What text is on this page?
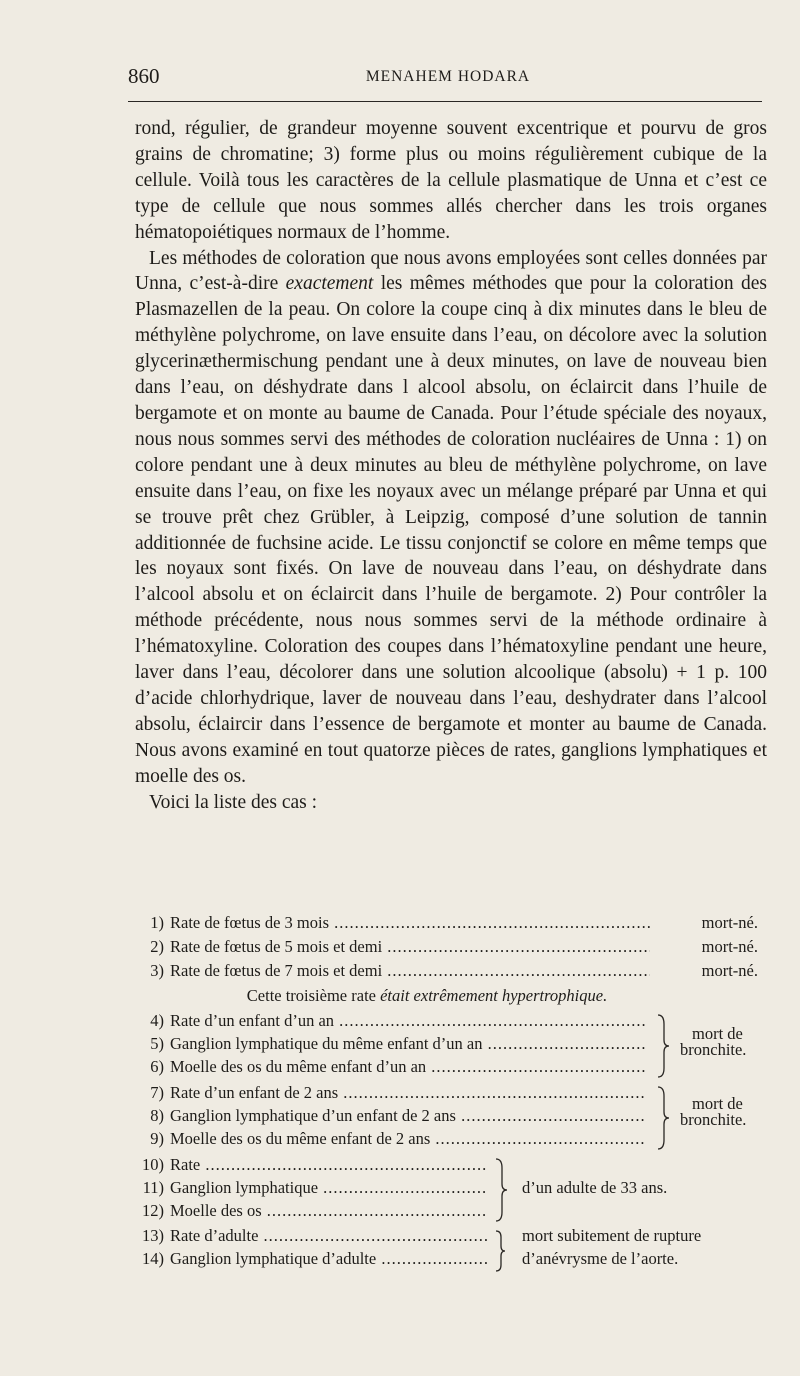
860	MENAHEM HODARA

rond, régulier, de grandeur moyenne souvent excentrique et pourvu de gros grains de chromatine; 3) forme plus ou moins régulièrement cubique de la cellule. Voilà tous les caractères de la cellule plasmatique de Unna et c’est ce type de cellule que nous sommes allés chercher dans les trois organes hématopoiétiques normaux de l’homme.

Les méthodes de coloration que nous avons employées sont celles données par Unna, c’est-à-dire exactement les mêmes méthodes que pour la coloration des Plasmazellen de la peau. On colore la coupe cinq à dix minutes dans le bleu de méthylène polychrome, on lave ensuite dans l’eau, on décolore avec la solution glycerinæthermischung pendant une à deux minutes, on lave de nouveau bien dans l’eau, on déshydrate dans l alcool absolu, on éclaircit dans l’huile de bergamote et on monte au baume de Canada. Pour l’étude spéciale des noyaux, nous nous sommes servi des méthodes de coloration nucléaires de Unna : 1) on colore pendant une à deux minutes au bleu de méthylène polychrome, on lave ensuite dans l’eau, on fixe les noyaux avec un mélange préparé par Unna et qui se trouve prêt chez Grübler, à Leipzig, composé d’une solution de tannin additionnée de fuchsine acide. Le tissu conjonctif se colore en même temps que les noyaux sont fixés. On lave de nouveau dans l’eau, on déshydrate dans l’alcool absolu et on éclaircit dans l’huile de bergamote. 2) Pour contrôler la méthode précédente, nous nous sommes servi de la méthode ordinaire à l’hématoxyline. Coloration des coupes dans l’hématoxyline pendant une heure, laver dans l’eau, décolorer dans une solution alcoolique (absolu) + 1 p. 100 d’acide chlorhydrique, laver de nouveau dans l’eau, deshydrater dans l’alcool absolu, éclaircir dans l’essence de bergamote et monter au baume de Canada. Nous avons examiné en tout quatorze pièces de rates, ganglions lymphatiques et moelle des os.

Voici la liste des cas :

1) Rate de fœtus de 3 mois .....	mort-né.
2) Rate de fœtus de 5 mois et demi .....	mort-né.
3) Rate de fœtus de 7 mois et demi .....	mort-né.
Cette troisième rate était extrêmement hypertrophique.
4) Rate d’un enfant d’un an .....
5) Ganglion lymphatique du même enfant d’un an .....
6) Moelle des os du même enfant d’un an .....
mort de
bronchite.
7) Rate d’un enfant de 2 ans .....
8) Ganglion lymphatique d’un enfant de 2 ans .....
9) Moelle des os du même enfant de 2 ans .....
mort de
bronchite.
10) Rate .....
11) Ganglion lymphatique .....
12) Moelle des os .....
d’un adulte de 33 ans.
13) Rate d’adulte .....
14) Ganglion lymphatique d’adulte .....
mort subitement de rupture
d’anévrysme de l’aorte.
